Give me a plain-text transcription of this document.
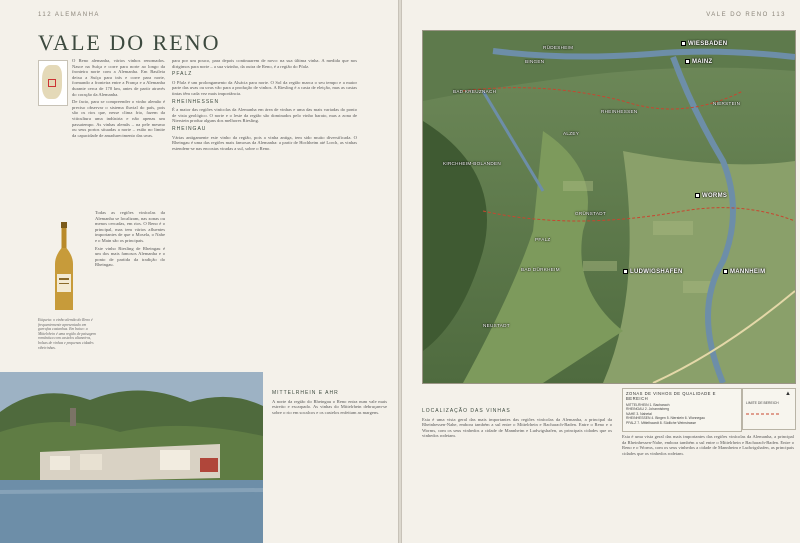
112 ALEMANHA
VALE DO RENO

O Reno alemanha, vários vinhos renomados. Nasce na Suíça e corre para norte ao longo da fronteira norte com a Alemanha. Em Basileia deixa a Suíça para trás e corre para norte, formando a fronteira entre a França e a Alemanha durante cerca de 170 km, antes de partir através do coração da Alemanha.

De facto, para se compreender o vinho alemão é preciso observar o sistema fluvial do país, pois são os rios que, nesse clima frio, fazem da viticultura uma indústria e não apenas um passatempo. As vinhas alemãs – na pele mesmo ou seus portos situadas a norte – estão no limite da capacidade de amadurecimento das uvas.

Todas as regiões vinícolas da Alemanha se localizam, nas zonas ou menos cercadas, em rios. O Reno é o principal, mas tem vários afluentes importantes de que o Mosela, o Nahe e o Main são os principais.

Este vinho Riesling de Rheingau é um dos mais famosos Alemanha e o ponto de partida da tradição do Rheingau.

Etiqueta: o vinho alemão do Reno é frequentemente apresentado em garrafas castanhas. Em baixo: a Mittelrhein é uma região de paisagem romântica com castelos altaneiros, bolsas de vinhas e pequenas cidades ribeirinhas.

para por um pouco, para depois continuarem de novo: na sua última vinha. A medida que nos dirigimos para norte – a sua vizinho, da outra de Reno, é a região do Pfalz.

PFALZ

O Pfalz é um prolongamento da Alsácia para norte. O Sol da região marca o seu tempo e a maior parte das uvas ou uvas vão para a produção de vinhos. A Riesling é a casta de eleição, mas as castas tintas têm cada vez mais importância.

RHEINHESSEN

É a maior das regiões vinícolas da Alemanha em área de vinhas e uma das mais variadas do ponto de vista geológico. O norte e o leste da região são dominados pelo vinho barato, mas a zona de Nierstein produz alguns dos melhores Riesling.

RHEINGAU

Várias antigamente este vinho da região, pois a vinha antiga, tem sido muito diversificada. O Rheingau é uma das regiões mais famosas da Alemanha: a partir de Hochheim até Lorch, as vinhas estendem-se nas encostas viradas a sul, sobre o Reno.

MITTELRHEIN E AHR

A norte da região do Rheingau o Reno entra num vale mais estreito e escarpado. As vinhas do Mittelrhein debruçam-se sobre o rio em socalcos e os castelos enfeitam as margens.

VALE DO RENO 113
WIESBADEN
MAINZ
RÜDESHEIM
BINGEN
BAD KREUZNACH
RHEINHESSEN
NIERSTEIN
ALZEY
KIRCHHEIM-BOLANDEN
WORMS
GRÜNSTADT
PFALZ
BAD DÜRKHEIM	LUDWIGSHAFEN	MANNHEIM
NEUSTADT
ZONAS DE VINHOS DE QUALIDADE E BEREICH
MITTELRHEIN 1. Bacharach
RHEINGAU 2. Johannisberg
NAHE 3. Nahetal
RHEINHESSEN 4. Bingen 5. Nierstein 6. Wonnegau
PFALZ 7. Mittelhaardt 8. Südliche Weinstrasse
▲
LIMITE DE BEREICH
LOCALIZAÇÃO DAS VINHAS

Esta é uma vista geral das mais importantes das regiões vinícolas da Alemanha, a principal da Rheinhessen-Nahe, embora também a sul entre o Mittelrhein e Bacharach-Baden. Entre o Reno e o Worms, com os seus vinhedos a cidade de Mannheim e Ludwigshafen, as principais cidades que os vinhedos rodeiam.	Esta é uma vista geral das mais importantes das regiões vinícolas da Alemanha, a principal da Rheinhessen-Nahe, embora também a sul entre o Mittelrhein e Bacharach-Baden. Entre o Reno e o Worms, com os seus vinhedos a cidade de Mannheim e Ludwigshafen, as principais cidades que os vinhedos rodeiam.
